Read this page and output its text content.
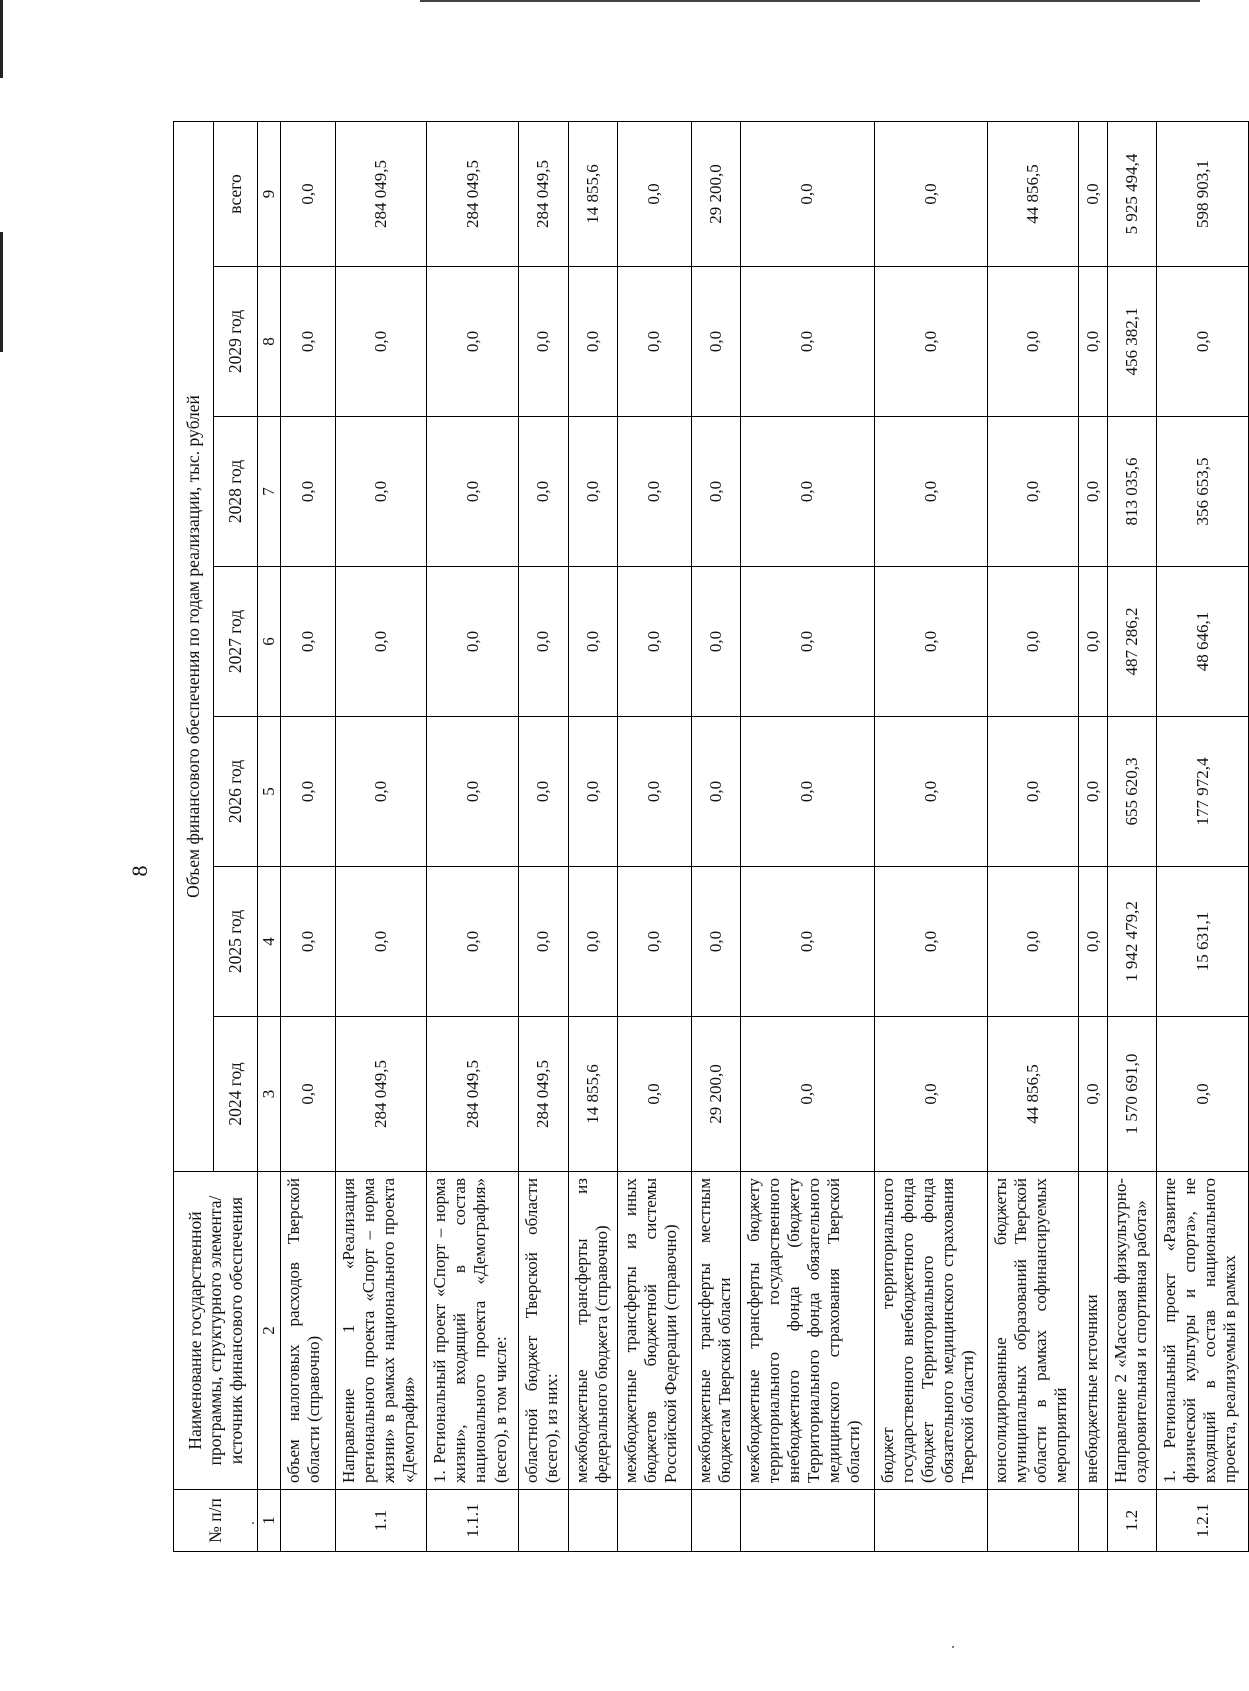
8
№ п/п	Наименование государственной программы, структурного элемента/источник финансового обеспечения	Объем финансового обеспечения по годам реализации, тыс. рублей						
		2024 год	2025 год	2026 год	2027 год	2028 год	2029 год	всего
1	2	3	4	5	6	7	8	9
	объем налоговых расходов Тверской области (справочно)	0,0	0,0	0,0	0,0	0,0	0,0	0,0
1.1	Направление 1 «Реализация регионального проекта «Спорт – норма жизни» в рамках национального проекта «Демография»	284 049,5	0,0	0,0	0,0	0,0	0,0	284 049,5
1.1.1	1. Региональный проект «Спорт – норма жизни», входящий в состав национального проекта «Демография» (всего), в том числе:	284 049,5	0,0	0,0	0,0	0,0	0,0	284 049,5
	областной бюджет Тверской области (всего), из них:	284 049,5	0,0	0,0	0,0	0,0	0,0	284 049,5
	межбюджетные трансферты из федерального бюджета (справочно)	14 855,6	0,0	0,0	0,0	0,0	0,0	14 855,6
	межбюджетные трансферты из иных бюджетов бюджетной системы Российской Федерации (справочно)	0,0	0,0	0,0	0,0	0,0	0,0	0,0
	межбюджетные трансферты местным бюджетам Тверской области	29 200,0	0,0	0,0	0,0	0,0	0,0	29 200,0
	межбюджетные трансферты бюджету территориального государственного внебюджетного фонда (бюджету Территориального фонда обязательного медицинского страхования Тверской области)	0,0	0,0	0,0	0,0	0,0	0,0	0,0
	бюджет территориального государственного внебюджетного фонда (бюджет Территориального фонда обязательного медицинского страхования Тверской области)	0,0	0,0	0,0	0,0	0,0	0,0	0,0
	консолидированные бюджеты муниципальных образований Тверской области в рамках софинансируемых мероприятий	44 856,5	0,0	0,0	0,0	0,0	0,0	44 856,5
	внебюджетные источники	0,0	0,0	0,0	0,0	0,0	0,0	0,0
1.2	Направление 2 «Массовая физкультурно-оздоровительная и спортивная работа»	1 570 691,0	1 942 479,2	655 620,3	487 286,2	813 035,6	456 382,1	5 925 494,4
1.2.1	1. Региональный проект «Развитие физической культуры и спорта», не входящий в состав национального проекта, реализуемый в рамках	0,0	15 631,1	177 972,4	48 646,1	356 653,5	0,0	598 903,1
